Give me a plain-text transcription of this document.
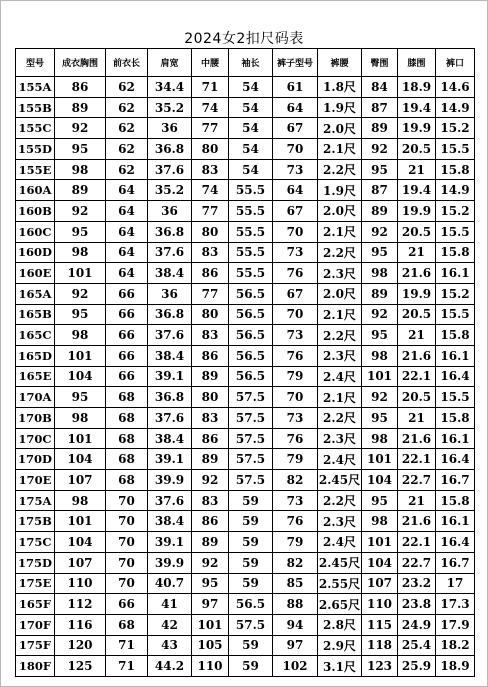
2024女2扣尺码表
型号	成衣胸围	前衣长	肩宽	中腰	袖长	裤子型号	裤腰	臀围	膝围	裤口
155A	86	62	34.4	71	54	61	1.8尺	84	18.9	14.6
155B	89	62	35.2	74	54	64	1.9尺	87	19.4	14.9
155C	92	62	36	77	54	67	2.0尺	89	19.9	15.2
155D	95	62	36.8	80	54	70	2.1尺	92	20.5	15.5
155E	98	62	37.6	83	54	73	2.2尺	95	21	15.8
160A	89	64	35.2	74	55.5	64	1.9尺	87	19.4	14.9
160B	92	64	36	77	55.5	67	2.0尺	89	19.9	15.2
160C	95	64	36.8	80	55.5	70	2.1尺	92	20.5	15.5
160D	98	64	37.6	83	55.5	73	2.2尺	95	21	15.8
160E	101	64	38.4	86	55.5	76	2.3尺	98	21.6	16.1
165A	92	66	36	77	56.5	67	2.0尺	89	19.9	15.2
165B	95	66	36.8	80	56.5	70	2.1尺	92	20.5	15.5
165C	98	66	37.6	83	56.5	73	2.2尺	95	21	15.8
165D	101	66	38.4	86	56.5	76	2.3尺	98	21.6	16.1
165E	104	66	39.1	89	56.5	79	2.4尺	101	22.1	16.4
170A	95	68	36.8	80	57.5	70	2.1尺	92	20.5	15.5
170B	98	68	37.6	83	57.5	73	2.2尺	95	21	15.8
170C	101	68	38.4	86	57.5	76	2.3尺	98	21.6	16.1
170D	104	68	39.1	89	57.5	79	2.4尺	101	22.1	16.4
170E	107	68	39.9	92	57.5	82	2.45尺	104	22.7	16.7
175A	98	70	37.6	83	59	73	2.2尺	95	21	15.8
175B	101	70	38.4	86	59	76	2.3尺	98	21.6	16.1
175C	104	70	39.1	89	59	79	2.4尺	101	22.1	16.4
175D	107	70	39.9	92	59	82	2.45尺	104	22.7	16.7
175E	110	70	40.7	95	59	85	2.55尺	107	23.2	17
165F	112	66	41	97	56.5	88	2.65尺	110	23.8	17.3
170F	116	68	42	101	57.5	94	2.8尺	115	24.9	17.9
175F	120	71	43	105	59	97	2.9尺	118	25.4	18.2
180F	125	71	44.2	110	59	102	3.1尺	123	25.9	18.9
